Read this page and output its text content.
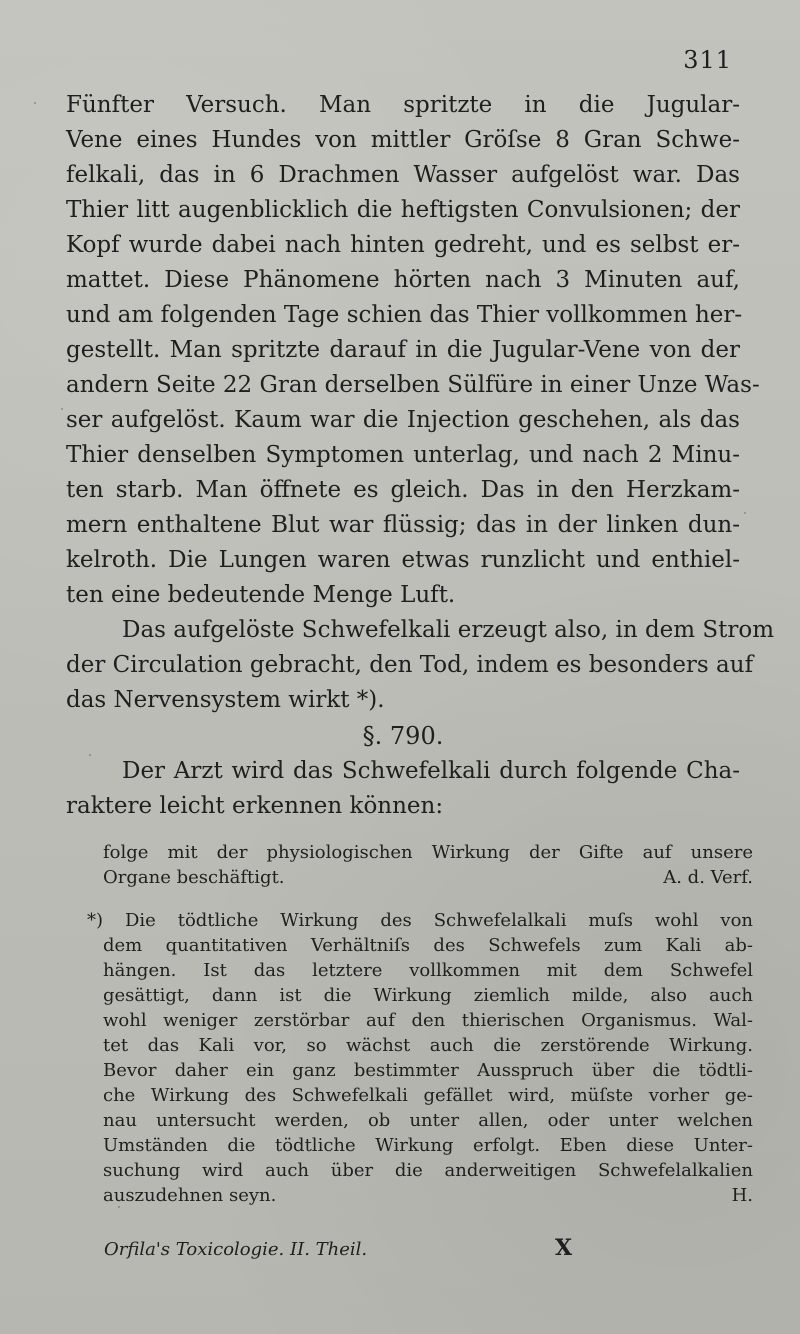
311
Fünfter Versuch. Man spritzte in die Jugular-
Vene eines Hundes von mittler Gröſse 8 Gran Schwe-
felkali, das in 6 Drachmen Wasser aufgelöst war. Das
Thier litt augenblicklich die heftigsten Convulsionen; der
Kopf wurde dabei nach hinten gedreht, und es selbst er-
mattet. Diese Phänomene hörten nach 3 Minuten auf,
und am folgenden Tage schien das Thier vollkommen her-
gestellt. Man spritzte darauf in die Jugular-Vene von der
andern Seite 22 Gran derselben Sülfüre in einer Unze Was-
ser aufgelöst. Kaum war die Injection geschehen, als das
Thier denselben Symptomen unterlag, und nach 2 Minu-
ten starb. Man öffnete es gleich. Das in den Herzkam-
mern enthaltene Blut war flüssig; das in der linken dun-
kelroth. Die Lungen waren etwas runzlicht und enthiel-
ten eine bedeutende Menge Luft.
Das aufgelöste Schwefelkali erzeugt also, in dem Strom
der Circulation gebracht, den Tod, indem es besonders auf
das Nervensystem wirkt *).
§. 790.
Der Arzt wird das Schwefelkali durch folgende Cha-
raktere leicht erkennen können:
folge mit der physiologischen Wirkung der Gifte auf unsere
Organe beschäftigt.	A. d. Verf.
*) Die tödtliche Wirkung des Schwefelalkali muſs wohl von
dem quantitativen Verhältniſs des Schwefels zum Kali ab-
hängen. Ist das letztere vollkommen mit dem Schwefel
gesättigt, dann ist die Wirkung ziemlich milde, also auch
wohl weniger zerstörbar auf den thierischen Organismus. Wal-
tet das Kali vor, so wächst auch die zerstörende Wirkung.
Bevor daher ein ganz bestimmter Ausspruch über die tödtli-
che Wirkung des Schwefelkali gefället wird, müſste vorher ge-
nau untersucht werden, ob unter allen, oder unter welchen
Umständen die tödtliche Wirkung erfolgt. Eben diese Unter-
suchung wird auch über die anderweitigen Schwefelalkalien
auszudehnen seyn.	H.
Orfila's Toxicologie. II. Theil.	X
